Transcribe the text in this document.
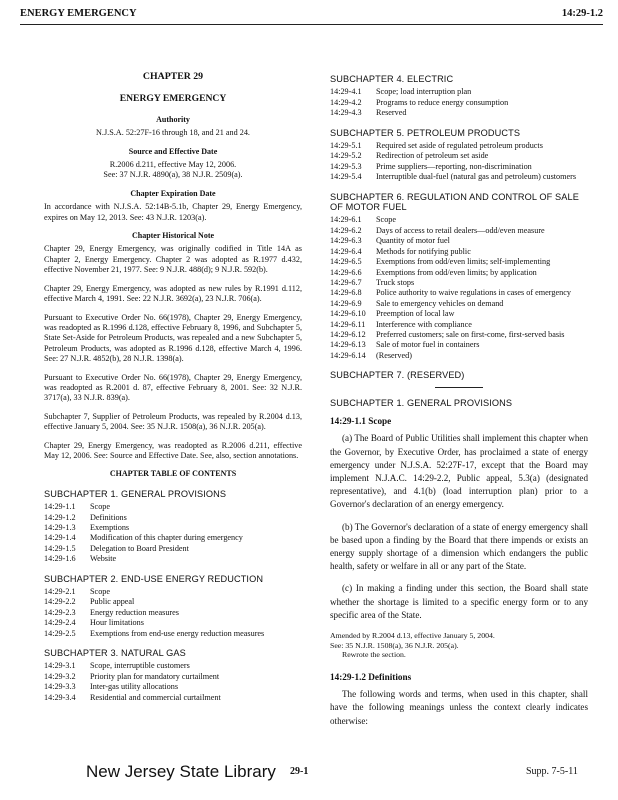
ENERGY EMERGENCY	14:29-1.2
CHAPTER 29
ENERGY EMERGENCY
Authority
N.J.S.A. 52:27F-16 through 18, and 21 and 24.
Source and Effective Date
R.2006 d.211, effective May 12, 2006.
See: 37 N.J.R. 4890(a), 38 N.J.R. 2509(a).
Chapter Expiration Date
In accordance with N.J.S.A. 52:14B-5.1b, Chapter 29, Energy Emergency, expires on May 12, 2013. See: 43 N.J.R. 1203(a).
Chapter Historical Note
Chapter 29, Energy Emergency, was originally codified in Title 14A as Chapter 2, Energy Emergency. Chapter 2 was adopted as R.1977 d.432, effective November 21, 1977. See: 9 N.J.R. 488(d); 9 N.J.R. 592(b).
Chapter 29, Energy Emergency, was adopted as new rules by R.1991 d.112, effective March 4, 1991. See: 22 N.J.R. 3692(a), 23 N.J.R. 706(a).
Pursuant to Executive Order No. 66(1978), Chapter 29, Energy Emergency, was readopted as R.1996 d.128, effective February 8, 1996, and Subchapter 5, State Set-Aside for Petroleum Products, was repealed and a new Subchapter 5, Petroleum Products, was adopted as R.1996 d.128, effective March 4, 1996. See: 27 N.J.R. 4852(b), 28 N.J.R. 1398(a).
Pursuant to Executive Order No. 66(1978), Chapter 29, Energy Emergency, was readopted as R.2001 d. 87, effective February 8, 2001. See: 32 N.J.R. 3717(a), 33 N.J.R. 839(a).
Subchapter 7, Supplier of Petroleum Products, was repealed by R.2004 d.13, effective January 5, 2004. See: 35 N.J.R. 1508(a), 36 N.J.R. 205(a).
Chapter 29, Energy Emergency, was readopted as R.2006 d.211, effective May 12, 2006. See: Source and Effective Date. See, also, section annotations.
CHAPTER TABLE OF CONTENTS
SUBCHAPTER 1. GENERAL PROVISIONS
14:29-1.1	Scope
14:29-1.2	Definitions
14:29-1.3	Exemptions
14:29-1.4	Modification of this chapter during emergency
14:29-1.5	Delegation to Board President
14:29-1.6	Website
SUBCHAPTER 2. END-USE ENERGY REDUCTION
14:29-2.1	Scope
14:29-2.2	Public appeal
14:29-2.3	Energy reduction measures
14:29-2.4	Hour limitations
14:29-2.5	Exemptions from end-use energy reduction measures
SUBCHAPTER 3. NATURAL GAS
14:29-3.1	Scope, interruptible customers
14:29-3.2	Priority plan for mandatory curtailment
14:29-3.3	Inter-gas utility allocations
14:29-3.4	Residential and commercial curtailment
SUBCHAPTER 4. ELECTRIC
14:29-4.1	Scope; load interruption plan
14:29-4.2	Programs to reduce energy consumption
14:29-4.3	Reserved
SUBCHAPTER 5. PETROLEUM PRODUCTS
14:29-5.1	Required set aside of regulated petroleum products
14:29-5.2	Redirection of petroleum set aside
14:29-5.3	Prime suppliers—reporting, non-discrimination
14:29-5.4	Interruptible dual-fuel (natural gas and petroleum) customers
SUBCHAPTER 6. REGULATION AND CONTROL OF SALE OF MOTOR FUEL
14:29-6.1	Scope
14:29-6.2	Days of access to retail dealers—odd/even measure
14:29-6.3	Quantity of motor fuel
14:29-6.4	Methods for notifying public
14:29-6.5	Exemptions from odd/even limits; self-implementing
14:29-6.6	Exemptions from odd/even limits; by application
14:29-6.7	Truck stops
14:29-6.8	Police authority to waive regulations in cases of emergency
14:29-6.9	Sale to emergency vehicles on demand
14:29-6.10	Preemption of local law
14:29-6.11	Interference with compliance
14:29-6.12	Preferred customers; sale on first-come, first-served basis
14:29-6.13	Sale of motor fuel in containers
14:29-6.14	(Reserved)
SUBCHAPTER 7. (RESERVED)
SUBCHAPTER 1. GENERAL PROVISIONS
14:29-1.1 Scope
(a) The Board of Public Utilities shall implement this chapter when the Governor, by Executive Order, has proclaimed a state of energy emergency under N.J.S.A. 52:27F-17, except that the Board may implement N.J.A.C. 14:29-2.2, Public appeal, 5.3(a) (designated representative), and 4.1(b) (load interruption plan) prior to a Governor's declaration of an energy emergency.
(b) The Governor's declaration of a state of energy emergency shall be based upon a finding by the Board that there impends or exists an energy supply shortage of a dimension which endangers the public health, safety or welfare in all or any part of the State.
(c) In making a finding under this section, the Board shall state whether the shortage is limited to a specific energy form or to any specific area of the State.
Amended by R.2004 d.13, effective January 5, 2004.
See: 35 N.J.R. 1508(a), 36 N.J.R. 205(a).
Rewrote the section.
14:29-1.2 Definitions
The following words and terms, when used in this chapter, shall have the following meanings unless the context clearly indicates otherwise:
New Jersey State Library 29-1	Supp. 7-5-11
